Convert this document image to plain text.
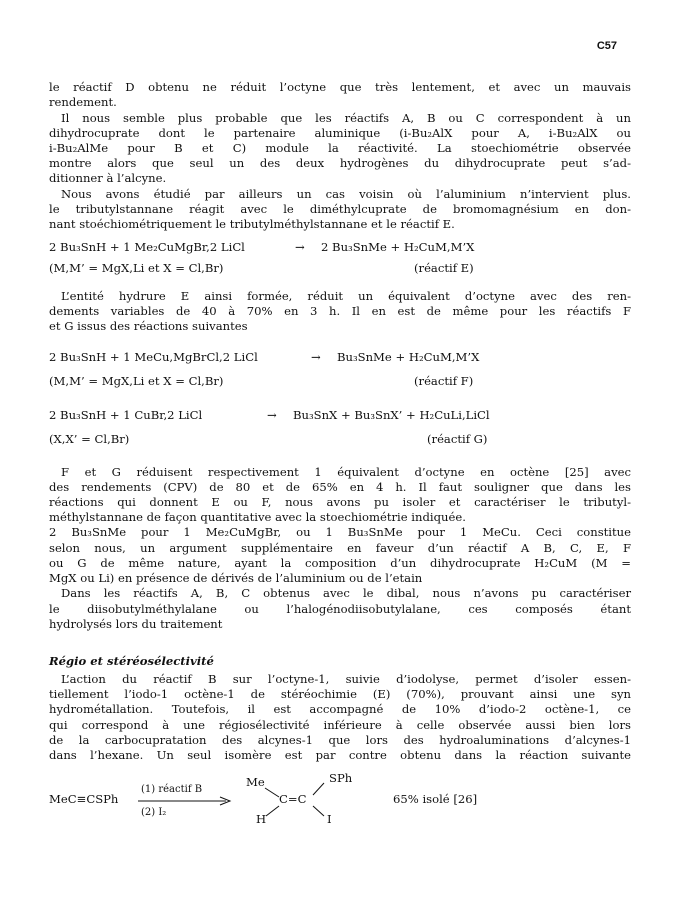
C57
le réactif D obtenu ne réduit l’octyne que très lentement, et avec un mauvais
rendement.
Il nous semble plus probable que les réactifs A, B ou C correspondent à un
dihydrocuprate dont le partenaire aluminique (i-Bu₂AlX pour A, i-Bu₂AlX ou
i-Bu₂AlMe pour B et C) module la réactivité. La stoechiométrie observée
montre alors que seul un des deux hydrogènes du dihydrocuprate peut s’ad-
ditionner à l’alcyne.
Nous avons étudié par ailleurs un cas voisin où l’aluminium n’intervient plus.
le tributylstannane réagit avec le diméthylcuprate de bromomagnésium en don-
nant stoéchiométriquement le tributylméthylstannane et le réactif E.
2 Bu₃SnH + 1 Me₂CuMgBr,2 LiCl	→ 2 Bu₃SnMe + H₂CuM,M’X
(M,M’ = MgX,Li et X = Cl,Br)	(réactif E)
L’entité hydrure E ainsi formée, réduit un équivalent d’octyne avec des ren-
dements variables de 40 à 70% en 3 h. Il en est de même pour les réactifs F
et G issus des réactions suivantes
2 Bu₃SnH + 1 MeCu,MgBrCl,2 LiCl	→ Bu₃SnMe + H₂CuM,M’X
(M,M’ = MgX,Li et X = Cl,Br)	(réactif F)
2 Bu₃SnH + 1 CuBr,2 LiCl	→ Bu₃SnX + Bu₃SnX’ + H₂CuLi,LiCl
(X,X’ = Cl,Br)	(réactif G)
F et G réduisent respectivement 1 équivalent d’octyne en octène [25] avec
des rendements (CPV) de 80 et de 65% en 4 h. Il faut souligner que dans les
réactions qui donnent E ou F, nous avons pu isoler et caractériser le tributyl-
méthylstannane de façon quantitative avec la stoechiométrie indiquée.
2 Bu₃SnMe pour 1 Me₂CuMgBr, ou 1 Bu₃SnMe pour 1 MeCu. Ceci constitue
selon nous, un argument supplémentaire en faveur d’un réactif A B, C, E, F
ou G de même nature, ayant la composition d’un dihydrocuprate H₂CuM (M =
MgX ou Li) en présence de dérivés de l’aluminium ou de l’etain
Dans les réactifs A, B, C obtenus avec le dibal, nous n’avons pu caractériser
le diisobutylméthylalane ou l’halogénodiisobutylalane, ces composés étant
hydrolysés lors du traitement
Régio et stéréosélectivité
L’action du réactif B sur l’octyne-1, suivie d’iodolyse, permet d’isoler essen-
tiellement l’iodo-1 octène-1 de stéréochimie (E) (70%), prouvant ainsi une syn
hydrométallation. Toutefois, il est accompagné de 10% d’iodo-2 octène-1, ce
qui correspond à une régiosélectivité inférieure à celle observée aussi bien lors
de la carbocupratation des alcynes-1 que lors des hydroaluminations d’alcynes-1
dans l’hexane. Un seul isomère est par contre obtenu dans la réaction suivante
MeC≡CSPh
(1) réactif B
(2) I₂
Me	SPh
C=C
H	I
65% isolé [26]
